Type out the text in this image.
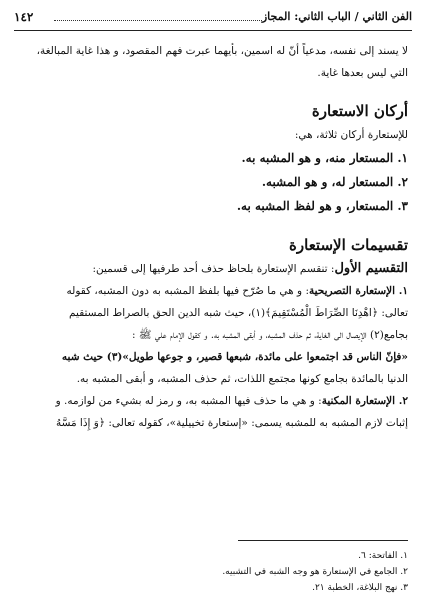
الفن الثاني / الباب الثاني: المجاز
١٤٢

لا يسند إلى نفسه، مدعياً أنّ له اسمين، بأيهما عبرت فهم المقصود، و هذا غاية المبالغة،

التي ليس بعدها غاية.

أركان الاستعارة

للإستعارة أركان ثلاثة، هي:

١. المستعار منه، و هو المشبه به.

٢. المستعار له، و هو المشبه.

٣. المستعار، و هو لفظ المشبه به.

تقسيمات الإستعارة

التقسيم الأول: تنقسم الإستعارة بلحاظ حذف أحد طرفيها إلى قسمين:

١. الإستعارة التصريحية: و هي ما صُرّح فيها بلفظ المشبه به دون المشبه، كقوله

تعالى: ﴿اهْدِنَا الصِّرَاطَ الْمُسْتَقِيمَ﴾(١)، حيث شبه الدين الحق بالصراط المستقيم

بجامع(٢) الإيصال الى الغاية، ثم حذف المشبه، و أبقى المشبه به. و كقول الإمام علي ﷺ :

«فإنّ الناس قد اجتمعوا على مائدة، شبعها قصير، و جوعها طويل»(٣) حيث شبه

الدنيا بالمائدة بجامع كونها مجتمع اللذات، ثم حذف المشبه، و أبقى المشبه به.

٢. الإستعارة المكنية: و هي ما حذف فيها المشبه به، و رمز له بشيء من لوازمه. و

إثبات لازم المشبه به للمشبه يسمى: «إستعارة تخييلية»، كقوله تعالى: ﴿وَ إِذَا مَسَّهُ

١. الفاتحة: ٦.

٢. الجامع في الإستعارة هو وجه الشبه في التشبيه.

٣. نهج البلاغة، الخطبة ٢١.
